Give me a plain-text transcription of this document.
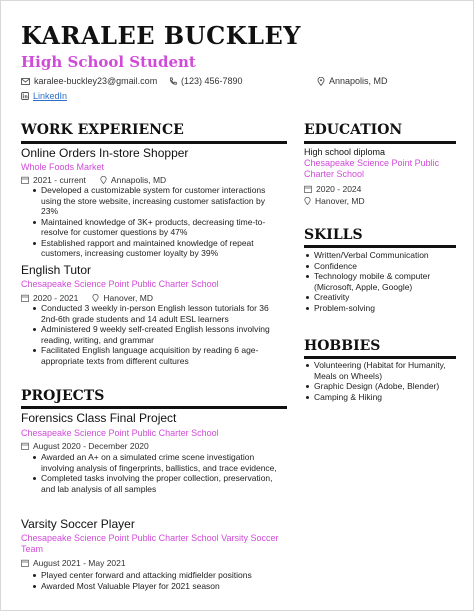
KARALEE BUCKLEY
High School Student
karalee-buckley23@gmail.com	(123) 456-7890	Annapolis, MD
LinkedIn
WORK EXPERIENCE
Online Orders In-store Shopper
Whole Foods Market
2021 - current	Annapolis, MD
Developed a customizable system for customer interactions using the store website, increasing customer satisfaction by 23%
Maintained knowledge of 3K+ products, decreasing time-to-resolve for customer questions by 47%
Established rapport and maintained knowledge of repeat customers, increasing customer loyalty by 39%
English Tutor
Chesapeake Science Point Public Charter School
2020 - 2021	Hanover, MD
Conducted 3 weekly in-person English lesson tutorials for 36 2nd-6th grade students and 14 adult ESL learners
Administered 9 weekly self-created English lessons involving reading, writing, and grammar
Facilitated English language acquisition by reading 6 age-appropriate texts from different cultures
PROJECTS
Forensics Class Final Project
Chesapeake Science Point Public Charter School
August 2020 - December 2020
Awarded an A+ on a simulated crime scene investigation involving analysis of fingerprints, ballistics, and trace evidence,
Completed tasks involving the proper collection, preservation, and lab analysis of all samples
Varsity Soccer Player
Chesapeake Science Point Public Charter School Varsity Soccer Team
August 2021 - May 2021
Played center forward and attacking midfielder positions
Awarded Most Valuable Player for 2021 season
EDUCATION
High school diploma
Chesapeake Science Point Public Charter School
2020 - 2024
Hanover, MD
SKILLS
Written/Verbal Communication
Confidence
Technology mobile & computer (Microsoft, Apple, Google)
Creativity
Problem-solving
HOBBIES
Volunteering (Habitat for Humanity, Meals on Wheels)
Graphic Design (Adobe, Blender)
Camping & Hiking
